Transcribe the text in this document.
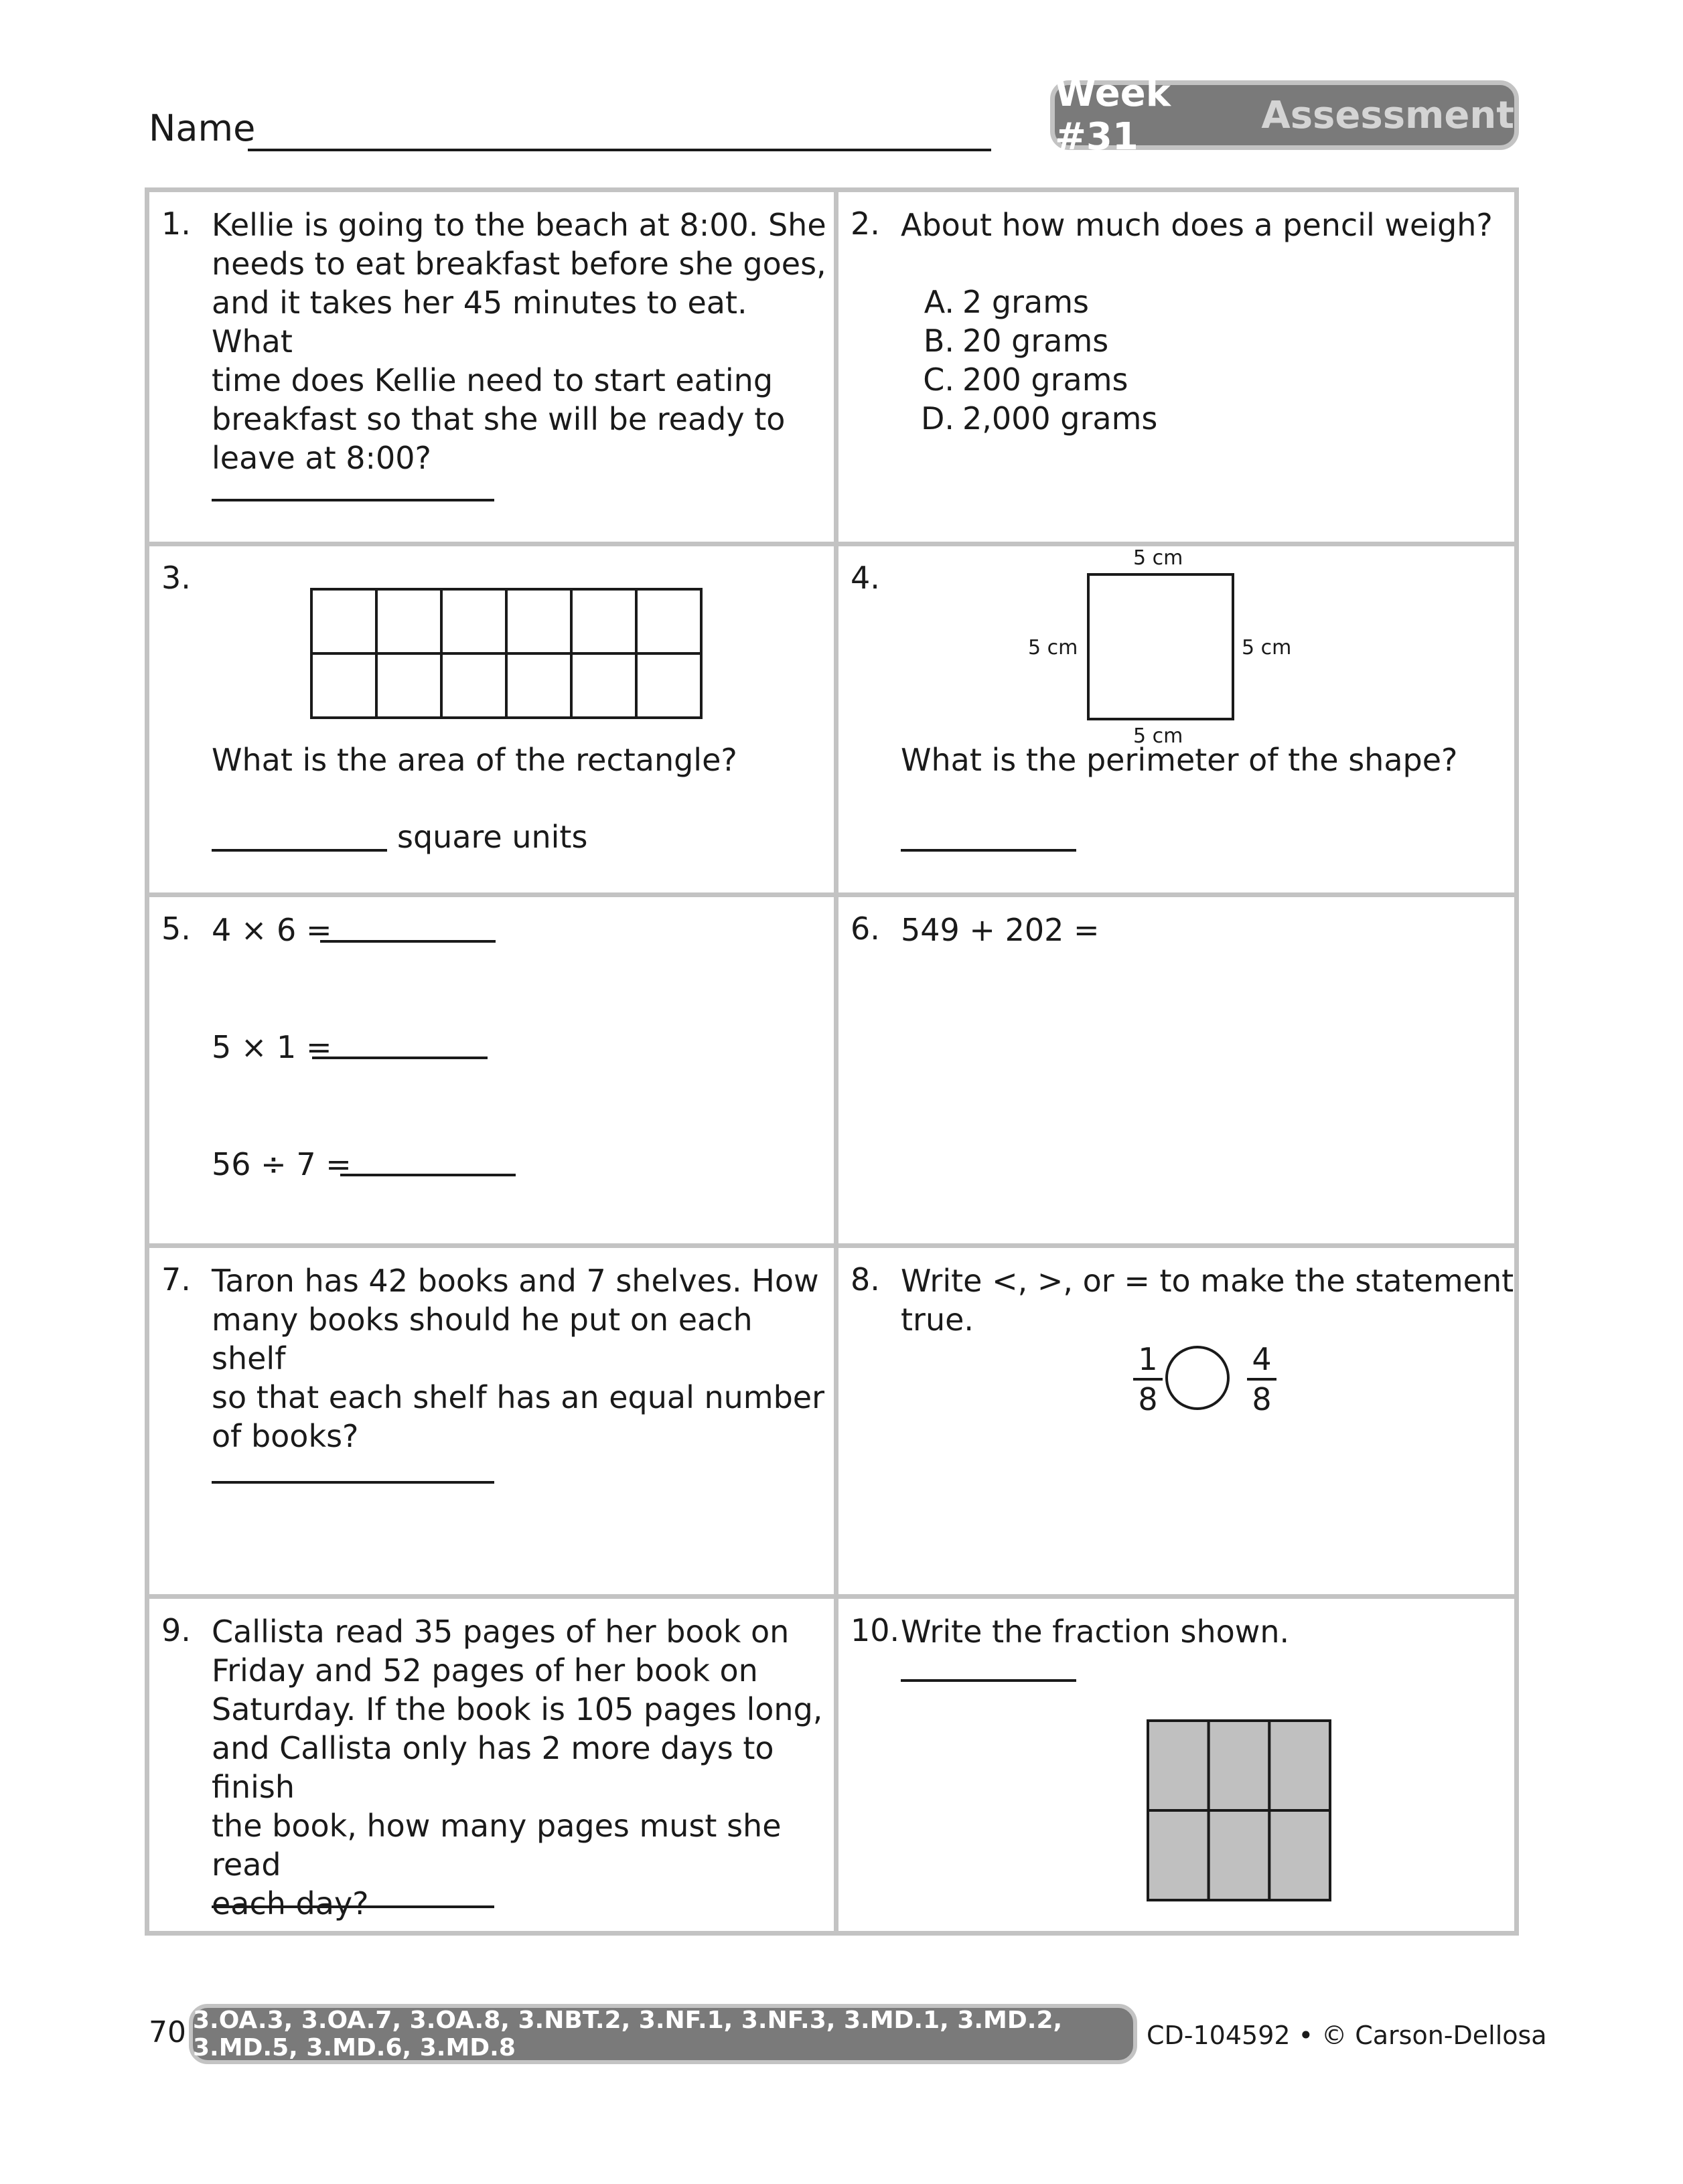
Name
Week #31	Assessment
1. Kellie is going to the beach at 8:00. She
needs to eat breakfast before she goes,
and it takes her 45 minutes to eat. What
time does Kellie need to start eating
breakfast so that she will be ready to
leave at 8:00?
2. About how much does a pencil weigh?
A. 2 grams
B. 20 grams
C. 200 grams
D. 2,000 grams
3.
What is the area of the rectangle?
square units
4.
5 cm
5 cm
5 cm	5 cm
What is the perimeter of the shape?
5. 4 × 6 =
5 × 1 =
56 ÷ 7 =
6. 549 + 202 =
7. Taron has 42 books and 7 shelves. How
many books should he put on each shelf
so that each shelf has an equal number
of books?
8. Write <, >, or = to make the statement
true.
1
8
4
8
9. Callista read 35 pages of her book on
Friday and 52 pages of her book on
Saturday. If the book is 105 pages long,
and Callista only has 2 more days to finish
the book, how many pages must she read
each day?
10. Write the fraction shown.
70 3.OA.3, 3.OA.7, 3.OA.8, 3.NBT.2, 3.NF.1, 3.NF.3, 3.MD.1, 3.MD.2, 3.MD.5, 3.MD.6, 3.MD.8	CD-104592 • © Carson-Dellosa
